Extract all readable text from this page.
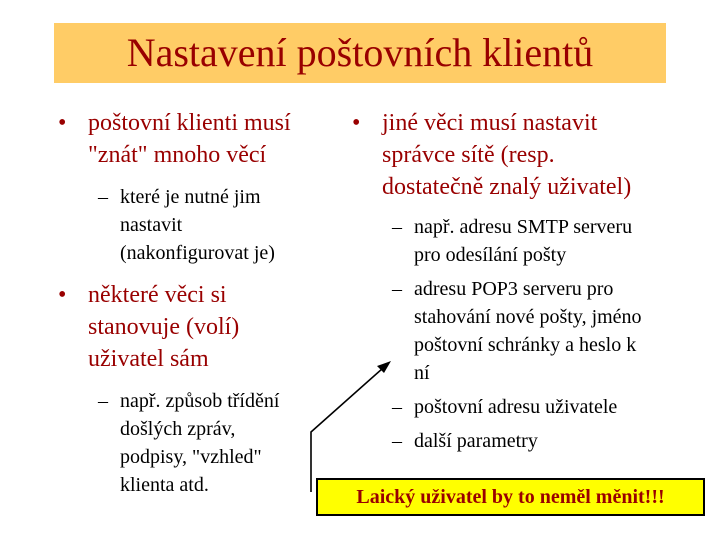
Nastavení poštovních klientů
• poštovní klienti musí
"znát" mnoho věcí
– které je nutné jim
nastavit
(nakonfigurovat je)
• některé věci si
stanovuje (volí)
uživatel sám
– např. způsob třídění
došlých zpráv,
podpisy, "vzhled"
klienta atd.
• jiné věci musí nastavit
správce sítě (resp.
dostatečně znalý uživatel)
– např. adresu SMTP serveru
pro odesílání pošty
– adresu POP3 serveru pro
stahování nové pošty, jméno
poštovní schránky a heslo k
ní
– poštovní adresu uživatele
– další parametry
Laický uživatel by to neměl měnit!!!
